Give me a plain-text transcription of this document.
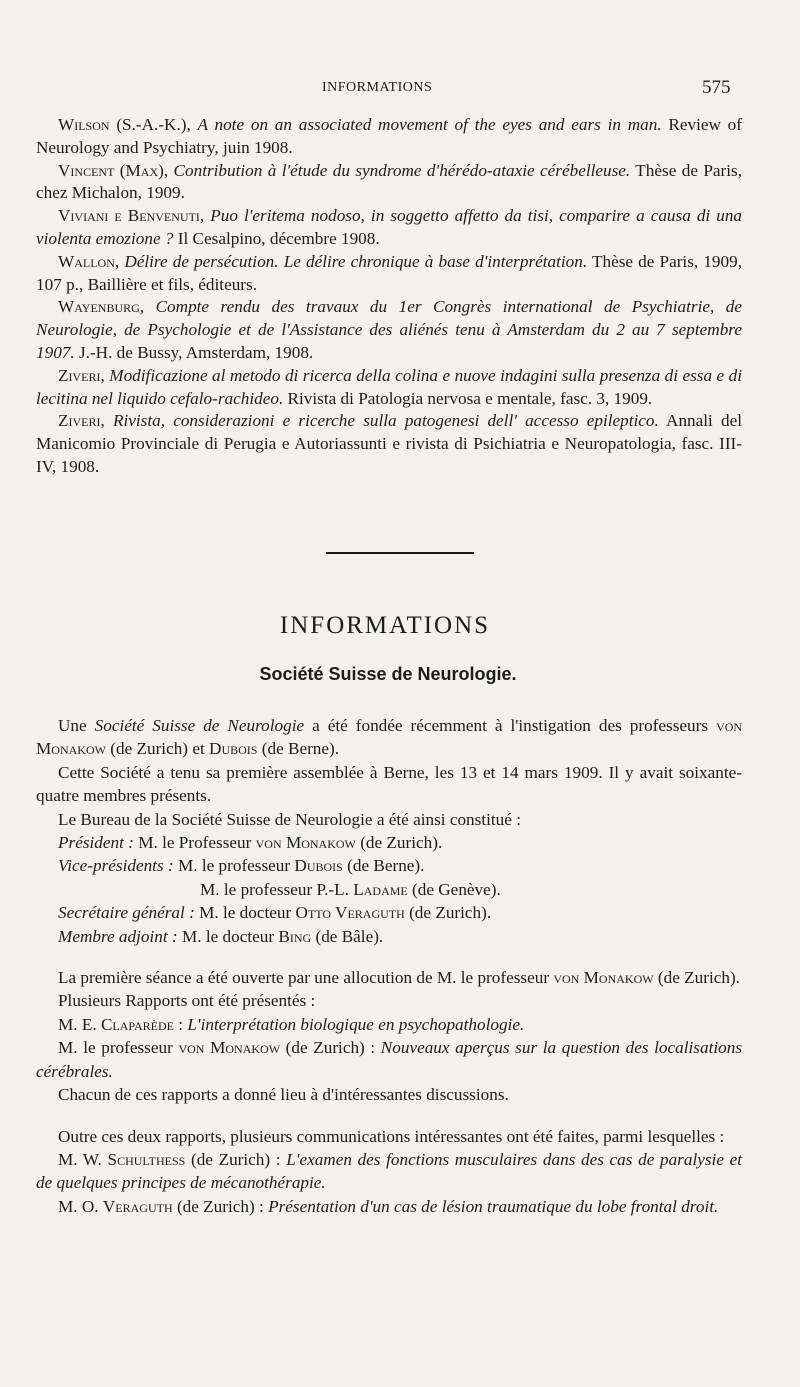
INFORMATIONS	575

Wilson (S.-A.-K.), A note on an associated movement of the eyes and ears in man. Review of Neurology and Psychiatry, juin 1908.

Vincent (Max), Contribution à l'étude du syndrome d'hérédo-ataxie cérébelleuse. Thèse de Paris, chez Michalon, 1909.

Viviani e Benvenuti, Puo l'eritema nodoso, in soggetto affetto da tisi, comparire a causa di una violenta emozione ? Il Cesalpino, décembre 1908.

Wallon, Délire de persécution. Le délire chronique à base d'interprétation. Thèse de Paris, 1909, 107 p., Baillière et fils, éditeurs.

Wayenburg, Compte rendu des travaux du 1er Congrès international de Psychiatrie, de Neurologie, de Psychologie et de l'Assistance des aliénés tenu à Amsterdam du 2 au 7 septembre 1907. J.-H. de Bussy, Amsterdam, 1908.

Ziveri, Modificazione al metodo di ricerca della colina e nuove indagini sulla presenza di essa e di lecitina nel liquido cefalo-rachideo. Rivista di Patologia nervosa e mentale, fasc. 3, 1909.

Ziveri, Rivista, considerazioni e ricerche sulla patogenesi dell' accesso epileptico. Annali del Manicomio Provinciale di Perugia e Autoriassunti e rivista di Psichiatria e Neuropatologia, fasc. III-IV, 1908.

INFORMATIONS
Société Suisse de Neurologie.

Une Société Suisse de Neurologie a été fondée récemment à l'instigation des professeurs von Monakow (de Zurich) et Dubois (de Berne).

Cette Société a tenu sa première assemblée à Berne, les 13 et 14 mars 1909. Il y avait soixante-quatre membres présents.

Le Bureau de la Société Suisse de Neurologie a été ainsi constitué :

Président : M. le Professeur von Monakow (de Zurich).

Vice-présidents : M. le professeur Dubois (de Berne).

M. le professeur P.-L. Ladame (de Genève).

Secrétaire général : M. le docteur Otto Veraguth (de Zurich).

Membre adjoint : M. le docteur Bing (de Bâle).

La première séance a été ouverte par une allocution de M. le professeur von Monakow (de Zurich).

Plusieurs Rapports ont été présentés :

M. E. Claparède : L'interprétation biologique en psychopathologie.

M. le professeur von Monakow (de Zurich) : Nouveaux aperçus sur la question des localisations cérébrales.

Chacun de ces rapports a donné lieu à d'intéressantes discussions.

Outre ces deux rapports, plusieurs communications intéressantes ont été faites, parmi lesquelles :

M. W. Schulthess (de Zurich) : L'examen des fonctions musculaires dans des cas de paralysie et de quelques principes de mécanothérapie.

M. O. Veraguth (de Zurich) : Présentation d'un cas de lésion traumatique du lobe frontal droit.
